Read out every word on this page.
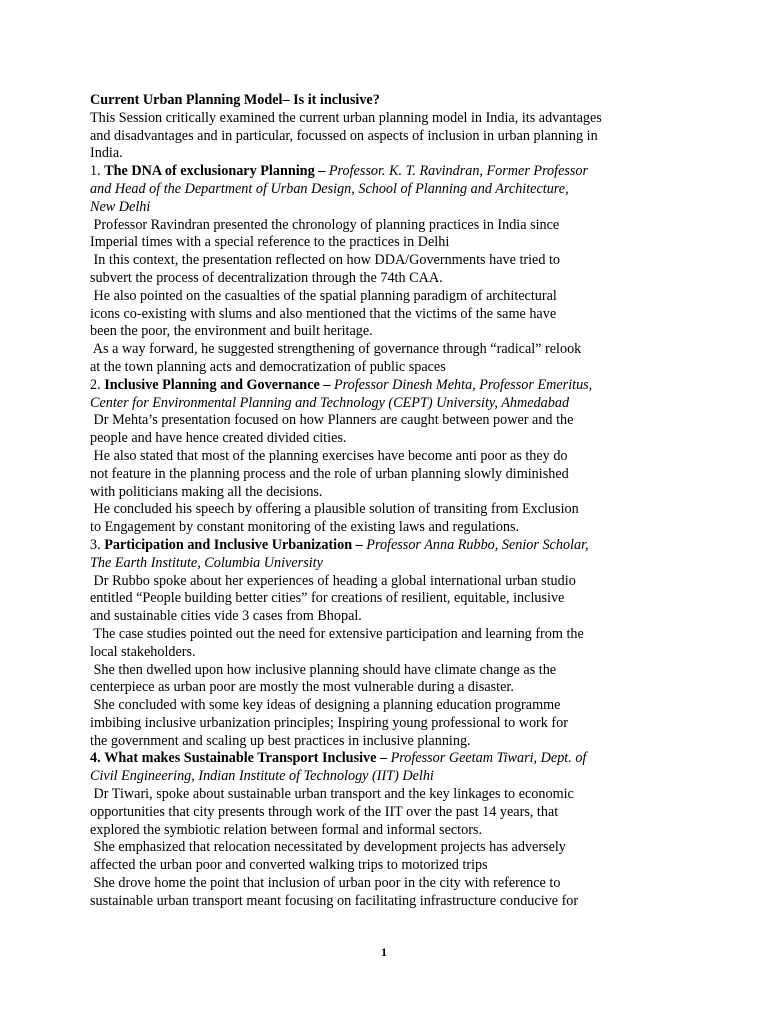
Current Urban Planning Model– Is it inclusive?
This Session critically examined the current urban planning model in India, its advantages
and disadvantages and in particular, focussed on aspects of inclusion in urban planning in
India.
1. The DNA of exclusionary Planning – Professor. K. T. Ravindran, Former Professor
and Head of the Department of Urban Design, School of Planning and Architecture,
New Delhi
Professor Ravindran presented the chronology of planning practices in India since
Imperial times with a special reference to the practices in Delhi
In this context, the presentation reflected on how DDA/Governments have tried to
subvert the process of decentralization through the 74th CAA.
He also pointed on the casualties of the spatial planning paradigm of architectural
icons co-existing with slums and also mentioned that the victims of the same have
been the poor, the environment and built heritage.
As a way forward, he suggested strengthening of governance through “radical” relook
at the town planning acts and democratization of public spaces
2. Inclusive Planning and Governance – Professor Dinesh Mehta, Professor Emeritus,
Center for Environmental Planning and Technology (CEPT) University, Ahmedabad
Dr Mehta’s presentation focused on how Planners are caught between power and the
people and have hence created divided cities.
He also stated that most of the planning exercises have become anti poor as they do
not feature in the planning process and the role of urban planning slowly diminished
with politicians making all the decisions.
He concluded his speech by offering a plausible solution of transiting from Exclusion
to Engagement by constant monitoring of the existing laws and regulations.
3. Participation and Inclusive Urbanization – Professor Anna Rubbo, Senior Scholar,
The Earth Institute, Columbia University
Dr Rubbo spoke about her experiences of heading a global international urban studio
entitled “People building better cities” for creations of resilient, equitable, inclusive
and sustainable cities vide 3 cases from Bhopal.
The case studies pointed out the need for extensive participation and learning from the
local stakeholders.
She then dwelled upon how inclusive planning should have climate change as the
centerpiece as urban poor are mostly the most vulnerable during a disaster.
She concluded with some key ideas of designing a planning education programme
imbibing inclusive urbanization principles; Inspiring young professional to work for
the government and scaling up best practices in inclusive planning.
4. What makes Sustainable Transport Inclusive – Professor Geetam Tiwari, Dept. of
Civil Engineering, Indian Institute of Technology (IIT) Delhi
Dr Tiwari, spoke about sustainable urban transport and the key linkages to economic
opportunities that city presents through work of the IIT over the past 14 years, that
explored the symbiotic relation between formal and informal sectors.
She emphasized that relocation necessitated by development projects has adversely
affected the urban poor and converted walking trips to motorized trips
She drove home the point that inclusion of urban poor in the city with reference to
sustainable urban transport meant focusing on facilitating infrastructure conducive for
1
